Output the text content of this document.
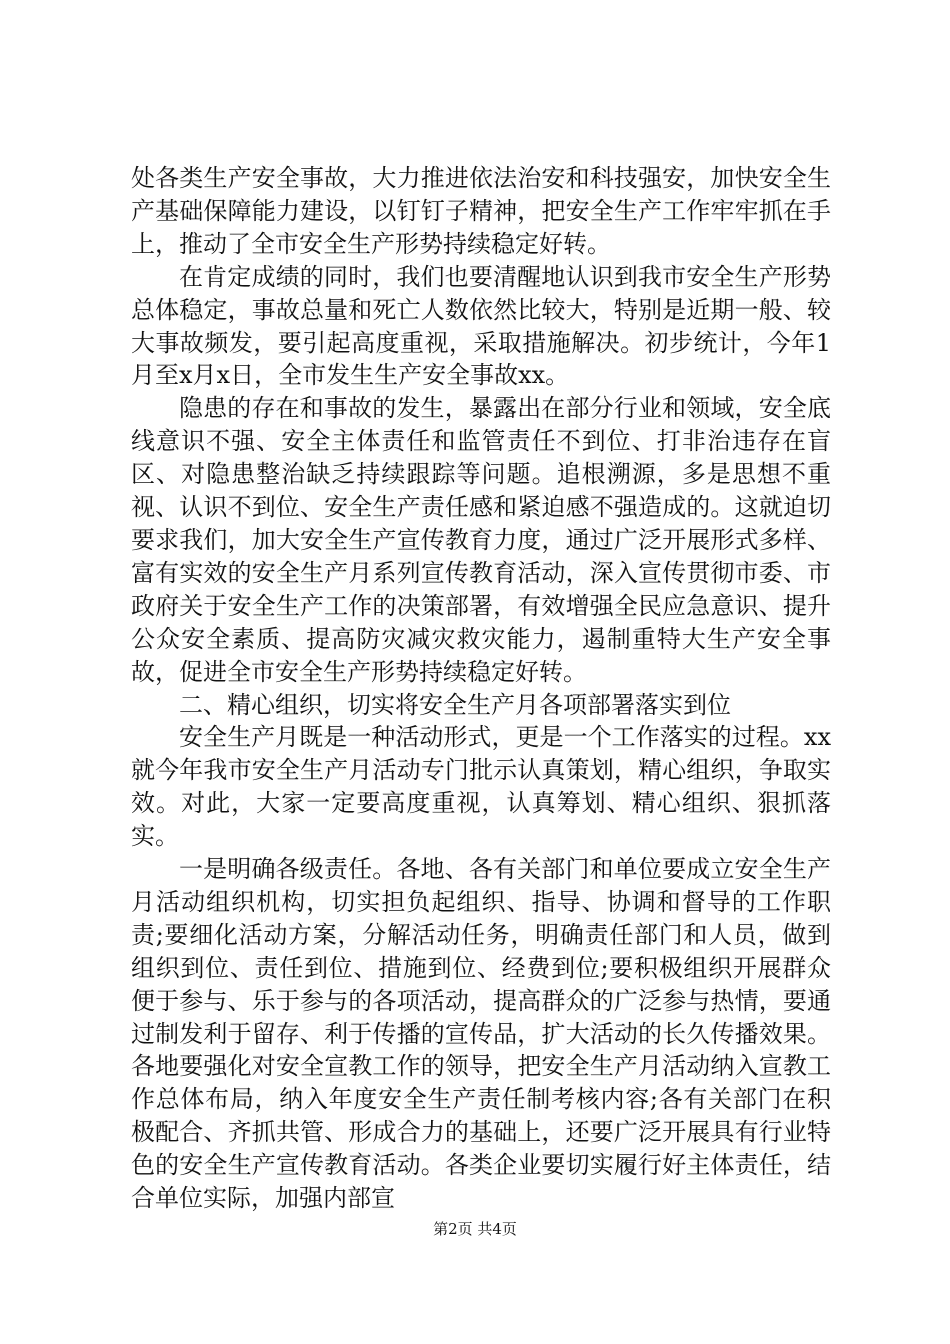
处各类生产安全事故，大力推进依法治安和科技强安，加快安全生产基础保障能力建设，以钉钉子精神，把安全生产工作牢牢抓在手上，推动了全市安全生产形势持续稳定好转。

在肯定成绩的同时，我们也要清醒地认识到我市安全生产形势总体稳定，事故总量和死亡人数依然比较大，特别是近期一般、较大事故频发，要引起高度重视，采取措施解决。初步统计，今年1月至x月x日，全市发生生产安全事故xx。

隐患的存在和事故的发生，暴露出在部分行业和领域，安全底线意识不强、安全主体责任和监管责任不到位、打非治违存在盲区、对隐患整治缺乏持续跟踪等问题。追根溯源，多是思想不重视、认识不到位、安全生产责任感和紧迫感不强造成的。这就迫切要求我们，加大安全生产宣传教育力度，通过广泛开展形式多样、富有实效的安全生产月系列宣传教育活动，深入宣传贯彻市委、市政府关于安全生产工作的决策部署，有效增强全民应急意识、提升公众安全素质、提高防灾减灾救灾能力，遏制重特大生产安全事故，促进全市安全生产形势持续稳定好转。

二、精心组织，切实将安全生产月各项部署落实到位

安全生产月既是一种活动形式，更是一个工作落实的过程。xx就今年我市安全生产月活动专门批示认真策划，精心组织，争取实效。对此，大家一定要高度重视，认真筹划、精心组织、狠抓落实。

一是明确各级责任。各地、各有关部门和单位要成立安全生产月活动组织机构，切实担负起组织、指导、协调和督导的工作职责;要细化活动方案，分解活动任务，明确责任部门和人员，做到组织到位、责任到位、措施到位、经费到位;要积极组织开展群众便于参与、乐于参与的各项活动，提高群众的广泛参与热情，要通过制发利于留存、利于传播的宣传品，扩大活动的长久传播效果。各地要强化对安全宣教工作的领导，把安全生产月活动纳入宣教工作总体布局，纳入年度安全生产责任制考核内容;各有关部门在积极配合、齐抓共管、形成合力的基础上，还要广泛开展具有行业特色的安全生产宣传教育活动。各类企业要切实履行好主体责任，结合单位实际，加强内部宣

第2页 共4页
